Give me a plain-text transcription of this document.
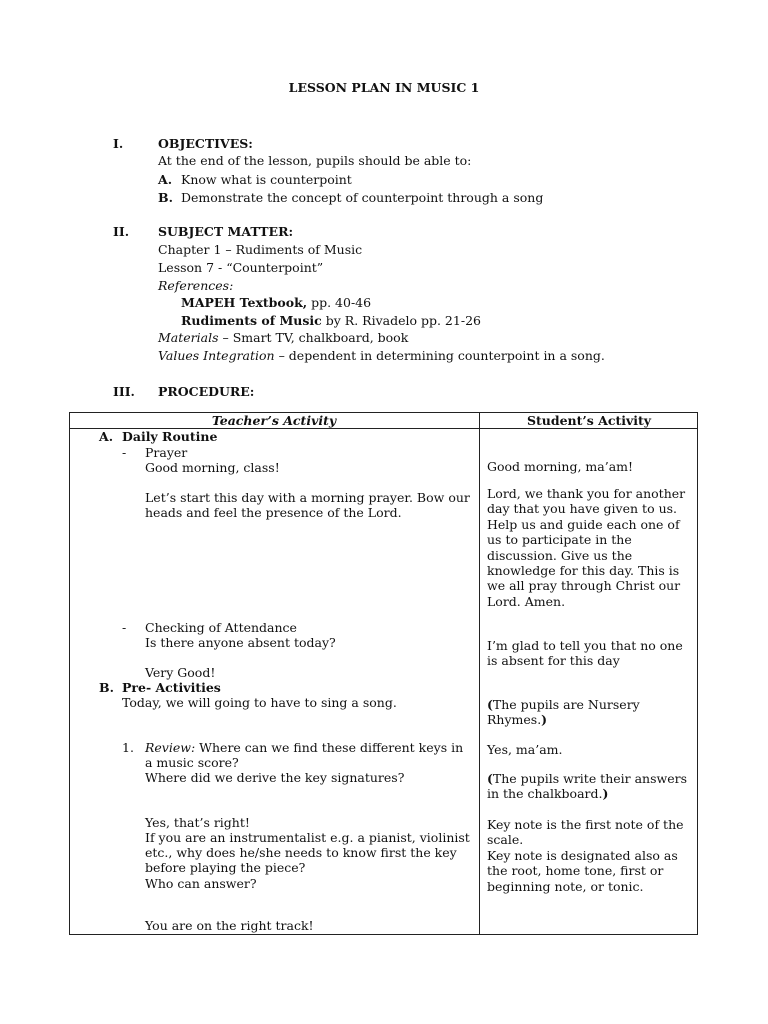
LESSON PLAN IN MUSIC 1
I.	OBJECTIVES:
At the end of the lesson, pupils should be able to:
A. Know what is counterpoint
B. Demonstrate the concept of counterpoint through a song
II. SUBJECT MATTER:
Chapter 1 – Rudiments of Music
Lesson 7 - “Counterpoint”
References:
MAPEH Textbook, pp. 40-46
Rudiments of Music by R. Rivadelo pp. 21-26
Materials – Smart TV, chalkboard, book
Values Integration – dependent in determining counterpoint in a song.
III. PROCEDURE:
Teacher’s Activity	Student’s Activity
A. Daily Routine
- Prayer
Good morning, class!
Let’s start this day with a morning prayer. Bow our
heads and feel the presence of the Lord.
- Checking of Attendance
Is there anyone absent today?
Very Good!
B. Pre- Activities
Today, we will going to have to sing a song.
1. Review: Where can we find these different keys in
a music score?
Where did we derive the key signatures?
Yes, that’s right!
If you are an instrumentalist e.g. a pianist, violinist
etc., why does he/she needs to know first the key
before playing the piece?
Who can answer?
You are on the right track!
Good morning, ma’am!
Lord, we thank you for another day that you have given to us. Help us and guide each one of us to participate in the discussion. Give us the knowledge for this day. This is we all pray through Christ our Lord. Amen.
I’m glad to tell you that no one is absent for this day
(The pupils are Nursery Rhymes.)
Yes, ma’am.
(The pupils write their answers in the chalkboard.)
Key note is the first note of the scale.
Key note is designated also as the root, home tone, first or beginning note, or tonic.
